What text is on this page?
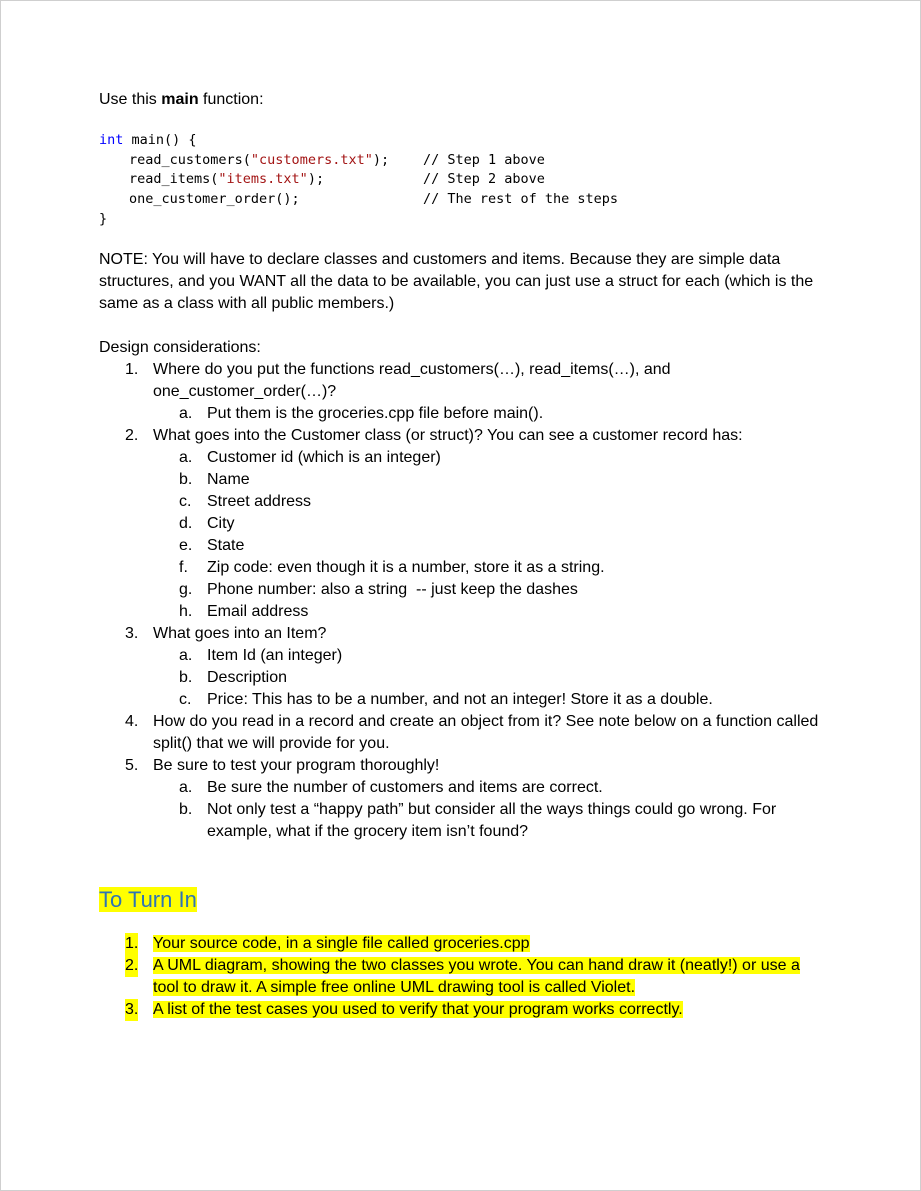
Use this main function:

int main() {
read_customers("customers.txt");	// Step 1 above
read_items("items.txt");	// Step 2 above
one_customer_order();	// The rest of the steps
}

NOTE: You will have to declare classes and customers and items. Because they are simple data structures, and you WANT all the data to be available, you can just use a struct for each (which is the same as a class with all public members.)

Design considerations:

1. Where do you put the functions read_customers(…), read_items(…), and one_customer_order(…)?
a. Put them is the groceries.cpp file before main().
2. What goes into the Customer class (or struct)? You can see a customer record has:
a. Customer id (which is an integer)
b. Name
c. Street address
d. City
e. State
f. Zip code: even though it is a number, store it as a string.
g. Phone number: also a string  -- just keep the dashes
h. Email address
3. What goes into an Item?
a. Item Id (an integer)
b. Description
c. Price: This has to be a number, and not an integer! Store it as a double.
4. How do you read in a record and create an object from it? See note below on a function called split() that we will provide for you.
5. Be sure to test your program thoroughly!
a. Be sure the number of customers and items are correct.
b. Not only test a “happy path” but consider all the ways things could go wrong. For example, what if the grocery item isn’t found?
To Turn In
1. Your source code, in a single file called groceries.cpp
2. A UML diagram, showing the two classes you wrote. You can hand draw it (neatly!) or use a tool to draw it. A simple free online UML drawing tool is called Violet.
3. A list of the test cases you used to verify that your program works correctly.
